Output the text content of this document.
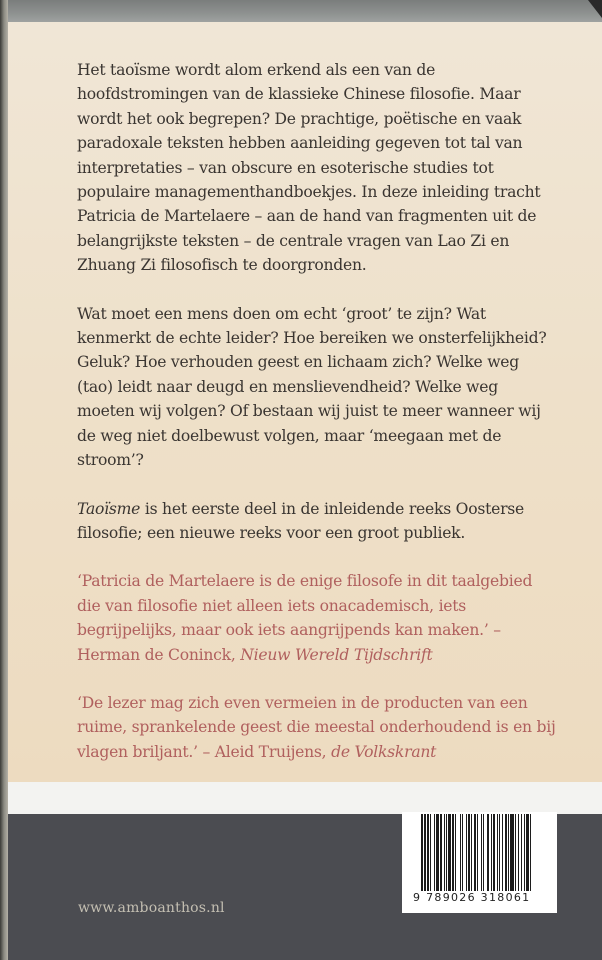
Het taoïsme wordt alom erkend als een van de hoofdstromingen van de klassieke Chinese filosofie. Maar wordt het ook begrepen? De prachtige, poëtische en vaak paradoxale teksten hebben aanleiding gegeven tot tal van interpretaties – van obscure en esoterische studies tot populaire managementhandboekjes. In deze inleiding tracht Patricia de Martelaere – aan de hand van fragmenten uit de belangrijkste teksten – de centrale vragen van Lao Zi en Zhuang Zi filosofisch te doorgronden.

Wat moet een mens doen om echt ‘groot’ te zijn? Wat kenmerkt de echte leider? Hoe bereiken we onsterfelijkheid? Geluk? Hoe verhouden geest en lichaam zich? Welke weg (tao) leidt naar deugd en menslievendheid? Welke weg moeten wij volgen? Of bestaan wij juist te meer wanneer wij de weg niet doelbewust volgen, maar ‘meegaan met de stroom’?

Taoïsme is het eerste deel in de inleidende reeks Oosterse filosofie; een nieuwe reeks voor een groot publiek.

‘Patricia de Martelaere is de enige filosofe in dit taalgebied die van filosofie niet alleen iets onacademisch, iets begrijpelijks, maar ook iets aangrijpends kan maken.’ – Herman de Coninck, Nieuw Wereld Tijdschrift

‘De lezer mag zich even vermeien in de producten van een ruime, sprankelende geest die meestal onderhoudend is en bij vlagen briljant.’ – Aleid Truijens, de Volkskrant

www.amboanthos.nl
9 789026 318061
